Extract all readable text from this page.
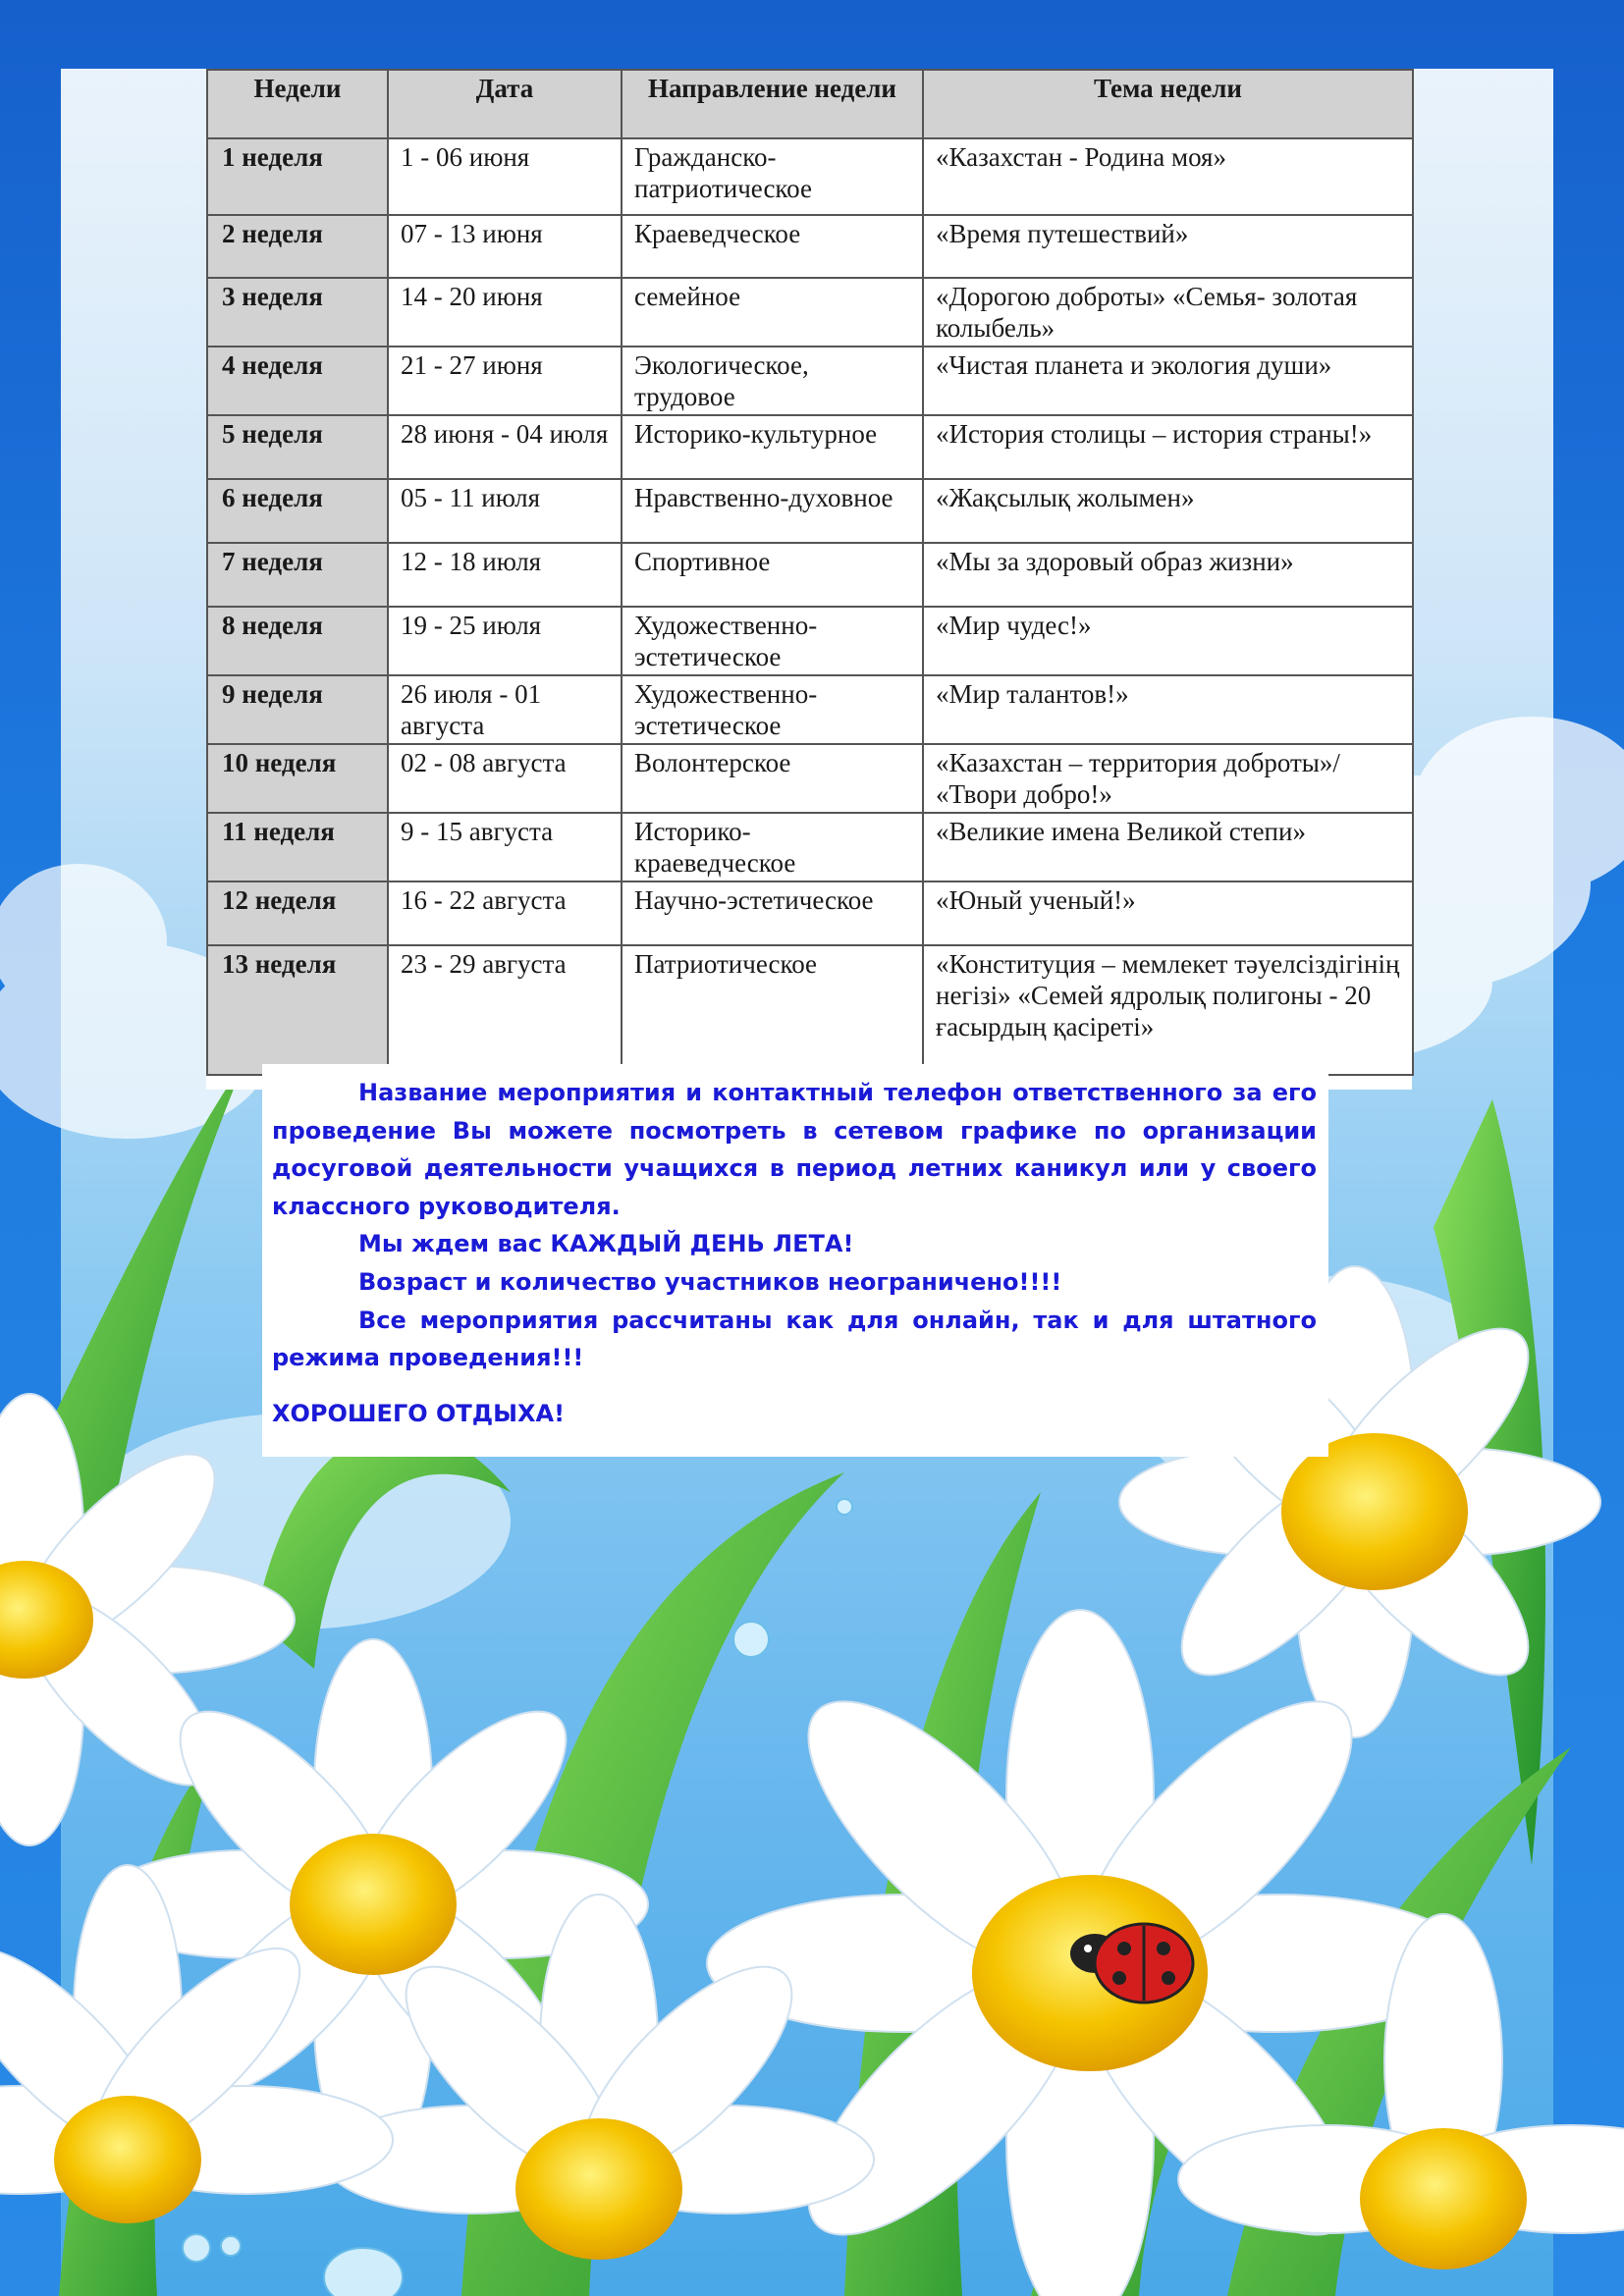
Недели	Дата	Направление недели	Тема недели
1 неделя	1 - 06 июня	Гражданско-патриотическое	«Казахстан - Родина моя»
2 неделя	07 - 13 июня	Краеведческое	«Время путешествий»
3 неделя	14 - 20 июня	семейное	«Дорогою доброты» «Семья- золотая колыбель»
4 неделя	21 - 27 июня	Экологическое, трудовое	«Чистая планета и экология души»
5 неделя	28 июня - 04 июля	Историко-культурное	«История столицы – история страны!»
6 неделя	05 - 11 июля	Нравственно-духовное	«Жақсылық жолымен»
7 неделя	12 - 18 июля	Спортивное	«Мы за здоровый образ жизни»
8 неделя	19 - 25 июля	Художественно-эстетическое	«Мир чудес!»
9 неделя	26 июля - 01 августа	Художественно-эстетическое	«Мир талантов!»
10 неделя	02 - 08 августа	Волонтерское	«Казахстан – территория доброты»/ «Твори добро!»
11 неделя	9 - 15 августа	Историко-краеведческое	«Великие имена Великой степи»
12 неделя	16 - 22 августа	Научно-эстетическое	«Юный ученый!»
13 неделя	23 - 29 августа	Патриотическое	«Конституция – мемлекет тәуелсіздігінің негізі» «Семей ядролық полигоны - 20 ғасырдың қасіреті»

Название мероприятия и контактный телефон ответственного за его проведение Вы можете посмотреть в сетевом графике по организации досуговой деятельности учащихся в период летних каникул или у своего классного руководителя.

Мы ждем вас КАЖДЫЙ ДЕНЬ ЛЕТА!

Возраст и количество участников неограничено!!!!

Все мероприятия рассчитаны как для онлайн, так и для штатного режима проведения!!!

ХОРОШЕГО ОТДЫХА!
